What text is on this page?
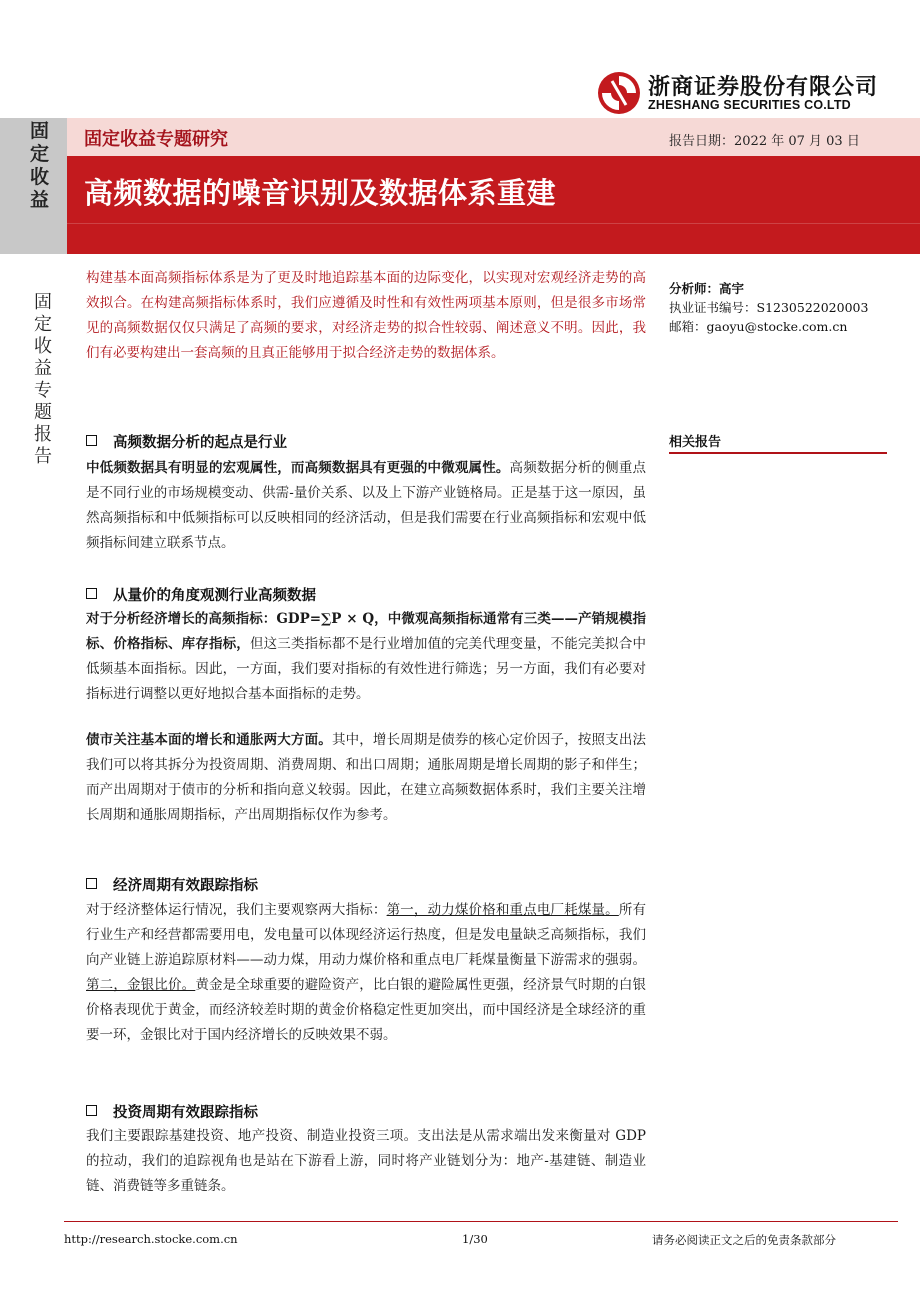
浙商证券股份有限公司
ZHESHANG SECURITIES CO.LTD
固定收益
固定收益专题研究	报告日期：2022 年 07 月 03 日
高频数据的噪音识别及数据体系重建
固定收益专题报告
构建基本面高频指标体系是为了更及时地追踪基本面的边际变化，以实现对宏观经济走势的高效拟合。在构建高频指标体系时，我们应遵循及时性和有效性两项基本原则，但是很多市场常见的高频数据仅仅只满足了高频的要求，对经济走势的拟合性较弱、阐述意义不明。因此，我们有必要构建出一套高频的且真正能够用于拟合经济走势的数据体系。
高频数据分析的起点是行业
中低频数据具有明显的宏观属性，而高频数据具有更强的中微观属性。高频数据分析的侧重点是不同行业的市场规模变动、供需-量价关系、以及上下游产业链格局。正是基于这一原因，虽然高频指标和中低频指标可以反映相同的经济活动，但是我们需要在行业高频指标和宏观中低频指标间建立联系节点。
从量价的角度观测行业高频数据
对于分析经济增长的高频指标：GDP=∑P × Q，中微观高频指标通常有三类——产销规模指标、价格指标、库存指标，但这三类指标都不是行业增加值的完美代理变量，不能完美拟合中低频基本面指标。因此，一方面，我们要对指标的有效性进行筛选；另一方面，我们有必要对指标进行调整以更好地拟合基本面指标的走势。
债市关注基本面的增长和通胀两大方面。其中，增长周期是债券的核心定价因子，按照支出法我们可以将其拆分为投资周期、消费周期、和出口周期；通胀周期是增长周期的影子和伴生；而产出周期对于债市的分析和指向意义较弱。因此，在建立高频数据体系时，我们主要关注增长周期和通胀周期指标，产出周期指标仅作为参考。
经济周期有效跟踪指标
对于经济整体运行情况，我们主要观察两大指标：第一，动力煤价格和重点电厂耗煤量。所有行业生产和经营都需要用电，发电量可以体现经济运行热度，但是发电量缺乏高频指标，我们向产业链上游追踪原材料——动力煤，用动力煤价格和重点电厂耗煤量衡量下游需求的强弱。第二，金银比价。黄金是全球重要的避险资产，比白银的避险属性更强，经济景气时期的白银价格表现优于黄金，而经济较差时期的黄金价格稳定性更加突出，而中国经济是全球经济的重要一环，金银比对于国内经济增长的反映效果不弱。
投资周期有效跟踪指标
我们主要跟踪基建投资、地产投资、制造业投资三项。支出法是从需求端出发来衡量对 GDP 的拉动，我们的追踪视角也是站在下游看上游，同时将产业链划分为：地产-基建链、制造业链、消费链等多重链条。
分析师：高宇
执业证书编号：S1230522020003
邮箱：gaoyu@stocke.com.cn
相关报告
http://research.stocke.com.cn	1/30	请务必阅读正文之后的免责条款部分
